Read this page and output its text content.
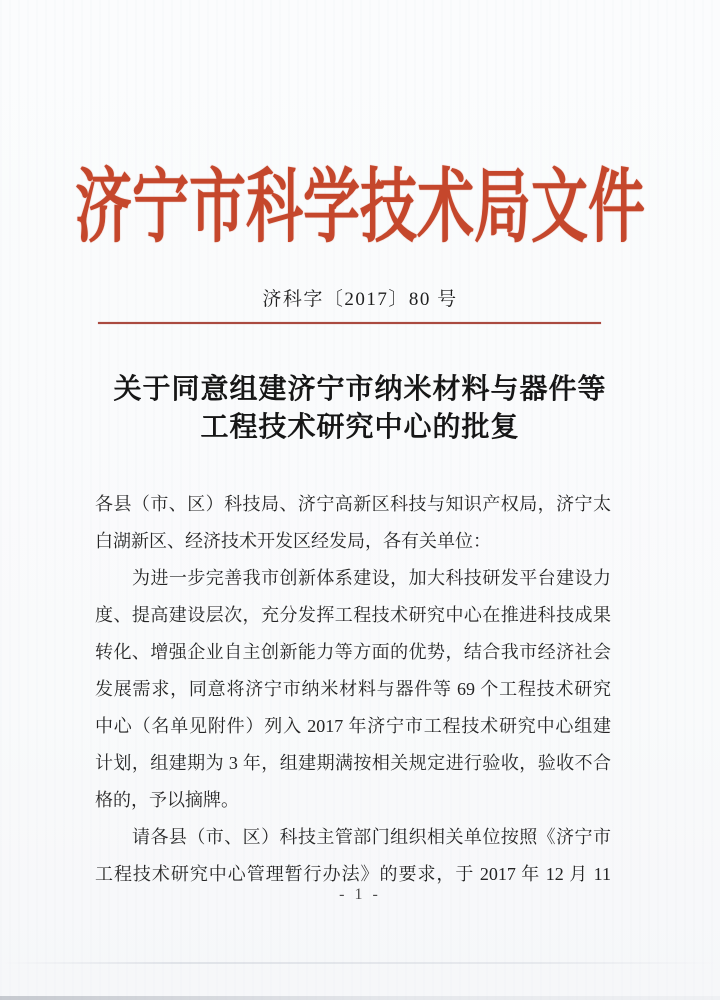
济宁市科学技术局文件
济科字〔2017〕80 号
关于同意组建济宁市纳米材料与器件等
工程技术研究中心的批复
各县（市、区）科技局、济宁高新区科技与知识产权局，济宁太
白湖新区、经济技术开发区经发局，各有关单位：
为进一步完善我市创新体系建设，加大科技研发平台建设力
度、提高建设层次，充分发挥工程技术研究中心在推进科技成果
转化、增强企业自主创新能力等方面的优势，结合我市经济社会
发展需求，同意将济宁市纳米材料与器件等 69 个工程技术研究
中心（名单见附件）列入 2017 年济宁市工程技术研究中心组建
计划，组建期为 3 年，组建期满按相关规定进行验收，验收不合
格的，予以摘牌。
请各县（市、区）科技主管部门组织相关单位按照《济宁市
工程技术研究中心管理暂行办法》的要求，于 2017 年 12 月 11
- 1 -
